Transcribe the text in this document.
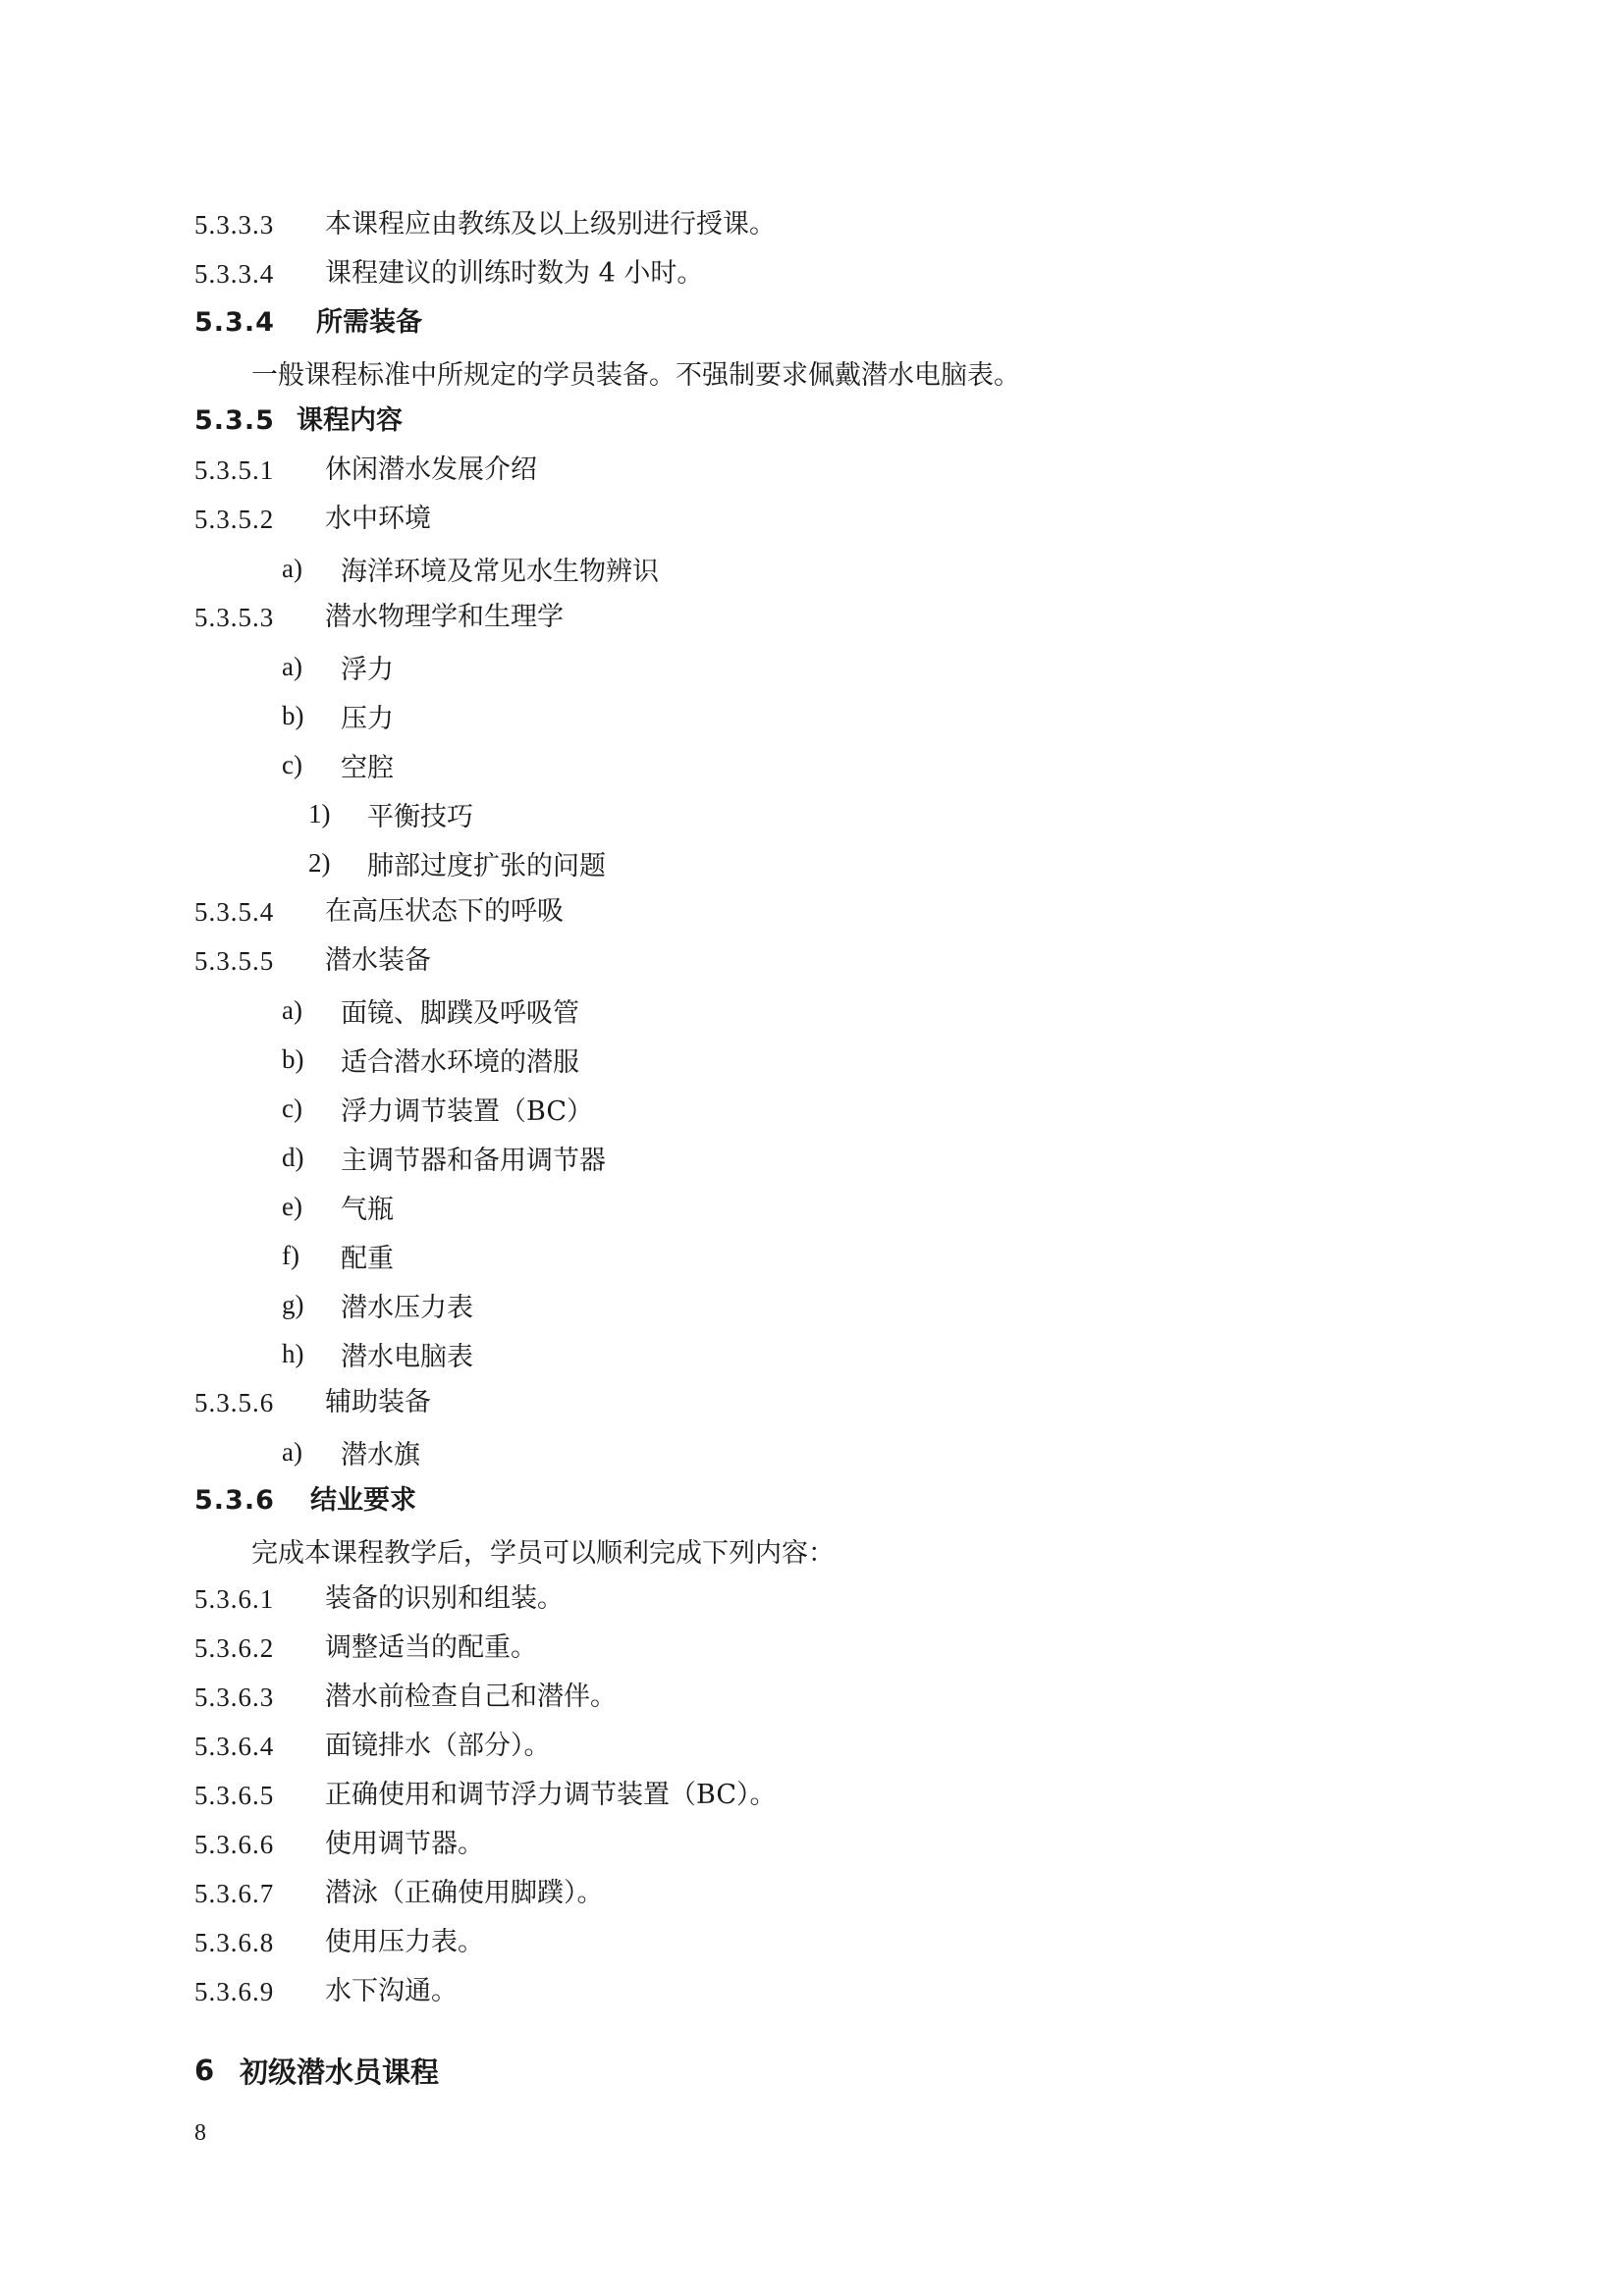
5.3.3.3	本课程应由教练及以上级别进行授课。
5.3.3.4	课程建议的训练时数为 4 小时。
5.3.4	所需装备
一般课程标准中所规定的学员装备。不强制要求佩戴潜水电脑表。
5.3.5 课程内容
5.3.5.1	休闲潜水发展介绍
5.3.5.2	水中环境
a)	海洋环境及常见水生物辨识
5.3.5.3	潜水物理学和生理学
a)	浮力
b)	压力
c)	空腔
1)	平衡技巧
2)	肺部过度扩张的问题
5.3.5.4	在高压状态下的呼吸
5.3.5.5	潜水装备
a)	面镜、脚蹼及呼吸管
b)	适合潜水环境的潜服
c)	浮力调节装置（BC）
d)	主调节器和备用调节器
e)	气瓶
f)	配重
g)	潜水压力表
h)	潜水电脑表
5.3.5.6	辅助装备
a)	潜水旗
5.3.6	结业要求
完成本课程教学后，学员可以顺利完成下列内容：
5.3.6.1	装备的识别和组装。
5.3.6.2	调整适当的配重。
5.3.6.3	潜水前检查自己和潜伴。
5.3.6.4	面镜排水（部分）。
5.3.6.5	正确使用和调节浮力调节装置（BC）。
5.3.6.6	使用调节器。
5.3.6.7	潜泳（正确使用脚蹼）。
5.3.6.8	使用压力表。
5.3.6.9	水下沟通。
6 初级潜水员课程
8
